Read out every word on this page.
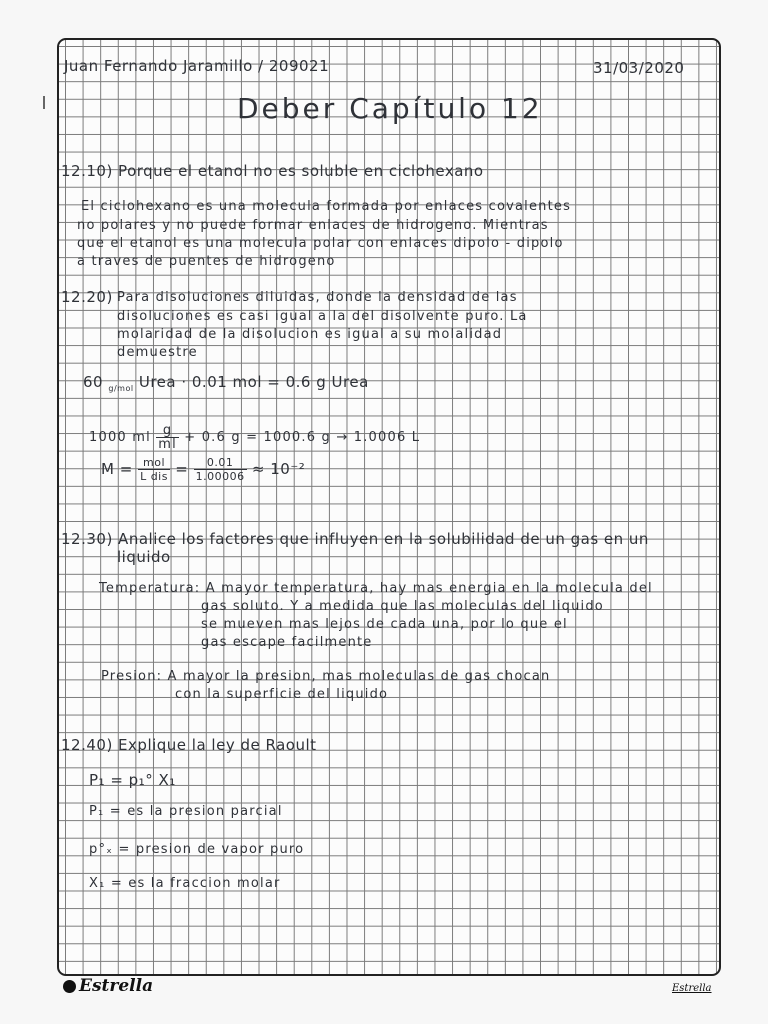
Juan Fernando Jaramillo / 209021	31/03/2020
Deber Capítulo 12
12.10) Porque el etanol no es soluble en ciclohexano
El ciclohexano es una molecula formada por enlaces covalentes
no polares y no puede formar enlaces de hidrogeno. Mientras
que el etanol es una molecula polar con enlaces dipolo - dipolo
a traves de puentes de hidrogeno
12.20) Para disoluciones diluidas, donde la densidad de las
disoluciones es casi igual a la del disolvente puro. La
molaridad de la disolucion es igual a su molalidad
demuestre
60 $_{g/mol}$ Urea · 0.01 mol = 0.6 g Urea
1000 ml $\frac{g}{ml} + 0.6$ g = 1000.6 g → 1.0006 L
$M = \frac{\text{mol}}{\text{L dis}} = \frac{0.01}{1.00006} \approx 10^{-2}$
12.30) Analice los factores que influyen en la solubilidad de un gas en un
liquido
Temperatura: A mayor temperatura, hay mas energia en la molecula del
gas soluto. Y a medida que las moleculas del liquido
se mueven mas lejos de cada una, por lo que el
gas escape facilmente
Presion: A mayor la presion, mas moleculas de gas chocan
con la superficie del liquido
12.40) Explique la ley de Raoult
P₁ = p₁° X₁
P₁ = es la presion parcial
p°ₓ = presion de vapor puro
X₁ = es la fraccion molar
Estrella	Estrella
